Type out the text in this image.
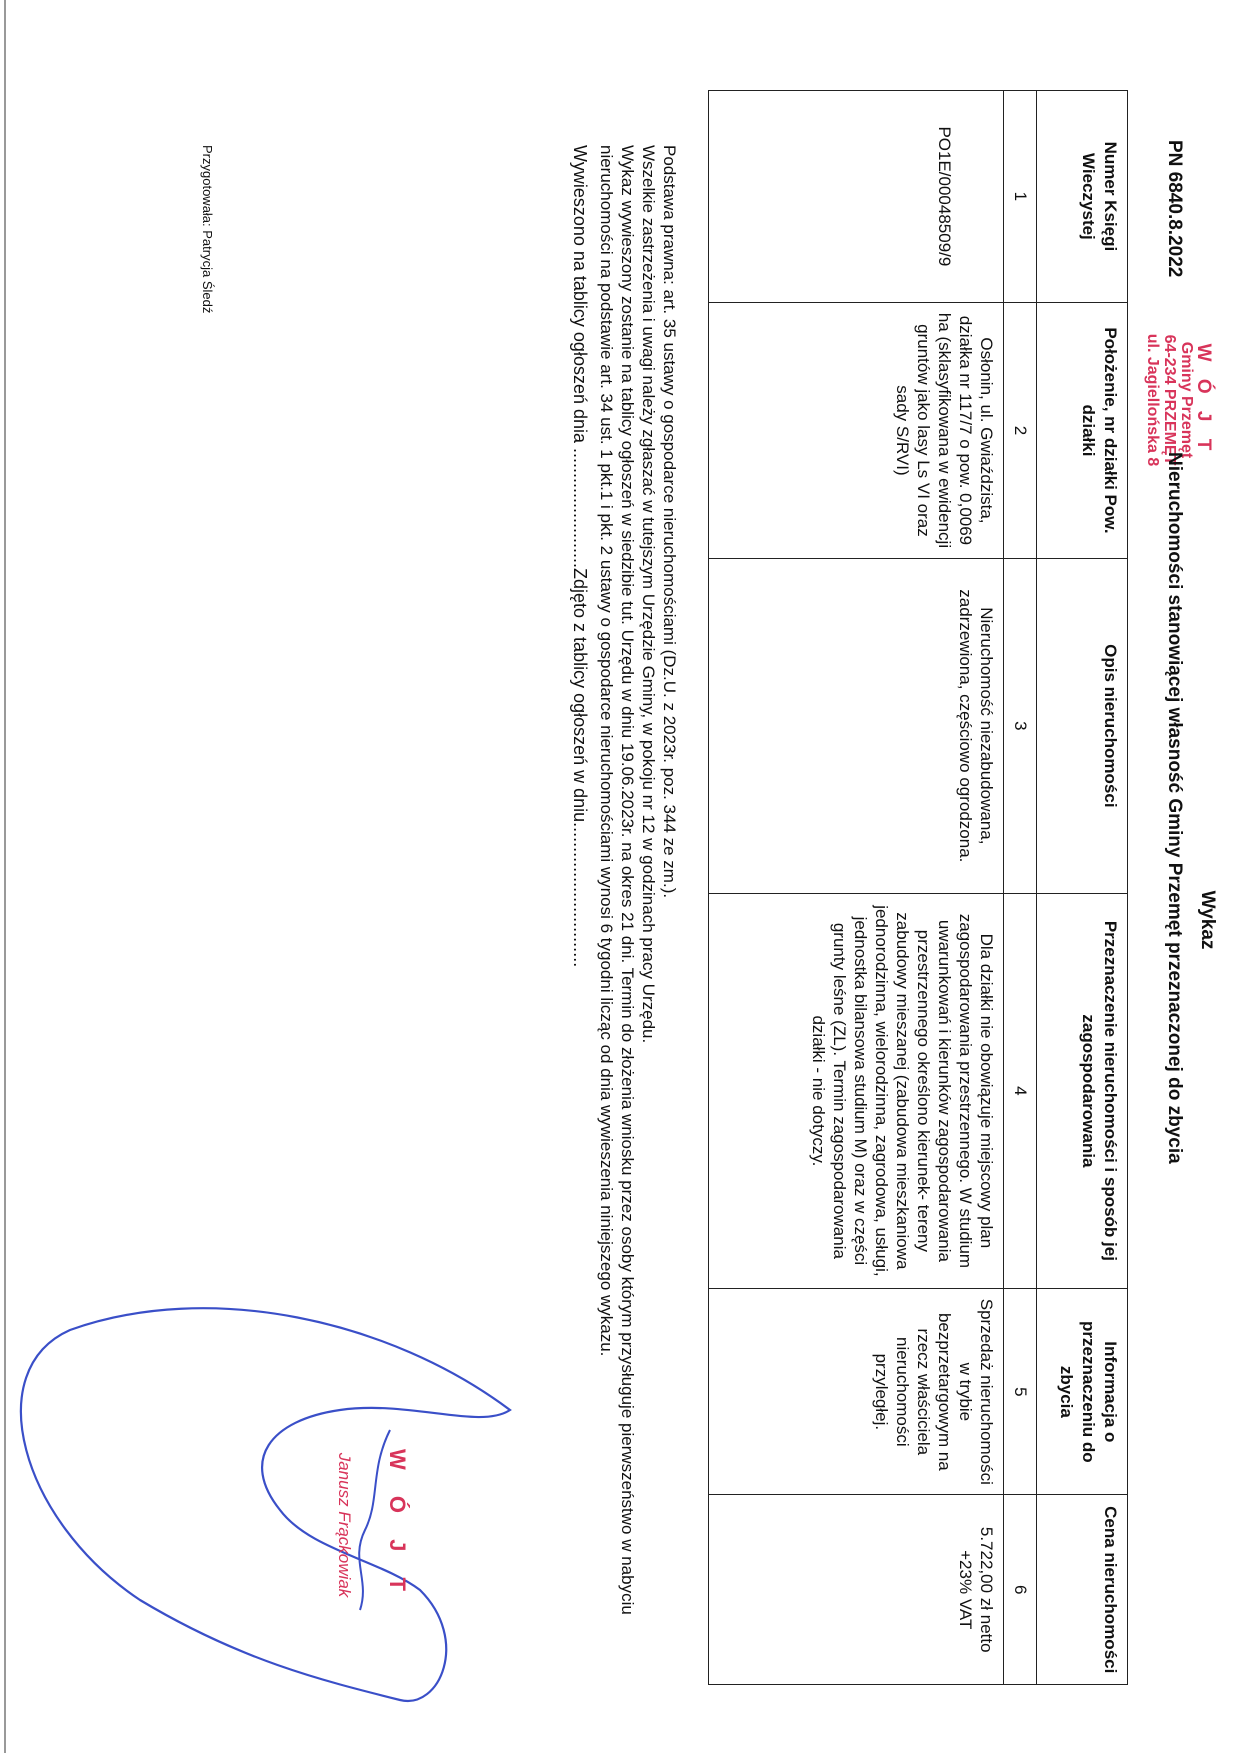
Wykaz
PN 6840.8.2022
W Ó J T
Gminy Przemęt
64-234 PRZEMĘT
ul. Jagiellońska 8
Nieruchomości stanowiącej własność Gminy Przemęt przeznaczonej do zbycia
Numer Księgi Wieczystej	Położenie, nr działki Pow. działki	Opis nieruchomości	Przeznaczenie nieruchomości i sposób jej zagospodarowania	Informacja o przeznaczeniu do zbycia	Cena nieruchomości
1	2	3	4	5	6
PO1E/00048509/9	Osłonin, ul. Gwiaździsta, działka nr 117/7 o pow. 0,0069 ha (sklasyfikowana w ewidencji gruntów jako lasy Ls VI oraz sady S/RVI)	Nieruchomość niezabudowana, zadrzewiona, częściowo ogrodzona.	Dla działki nie obowiązuje miejscowy plan zagospodarowania przestrzennego. W studium uwarunkowań i kierunków zagospodarowania przestrzennego określono kierunek- tereny zabudowy mieszanej (zabudowa mieszkaniowa jednorodzinna, wielorodzinna, zagrodowa, usługi, jednostka bilansowa studium M) oraz w części grunty leśne (ZL). Termin zagospodarowania działki - nie dotyczy.	Sprzedaż nieruchomości w trybie bezprzetargowym na rzecz właściciela nieruchomości przyległej.	5.722,00 zł netto +23% VAT

Podstawa prawna: art. 35 ustawy o gospodarce nieruchomościami (Dz.U. z 2023r. poz. 344 ze zm.).

Wszelkie zastrzeżenia i uwagi należy zgłaszać w tutejszym Urzędzie Gminy, w pokoju nr 12 w godzinach pracy Urzędu.

Wykaz wywieszony zostanie na tablicy ogłoszeń w siedzibie tut. Urzędu w dniu 19.06.2023r. na okres 21 dni. Termin do złożenia wniosku przez osoby którym przysługuje pierwszeństwo w nabyciu nieruchomości na podstawie art. 34 ust. 1 pkt.1 i pkt. 2 ustawy o gospodarce nieruchomościami wynosi 6 tygodni licząc od dnia wywieszenia niniejszego wykazu.

Wywieszono na tablicy ogłoszeń dnia ........................Zdjęto z tablicy ogłoszeń w dniu.............................
Przygotowała: Patrycja Śledź
W Ó J T
Janusz Frąckowiak
